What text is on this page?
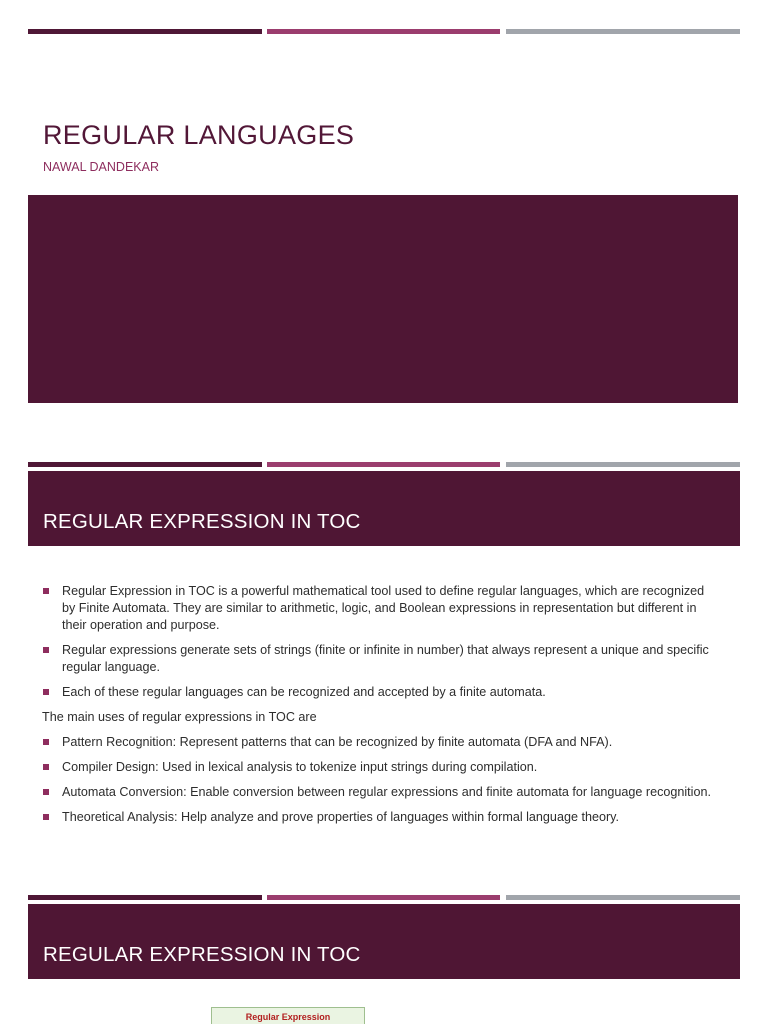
REGULAR LANGUAGES
NAWAL DANDEKAR
REGULAR EXPRESSION IN TOC
Regular Expression in TOC is a powerful mathematical tool used to define regular languages, which are recognized by Finite Automata. They are similar to arithmetic, logic, and Boolean expressions in representation but different in their operation and purpose.
Regular expressions generate sets of strings (finite or infinite in number) that always represent a unique and specific regular language.
Each of these regular languages can be recognized and accepted by a finite automata.

The main uses of regular expressions in TOC are

Pattern Recognition: Represent patterns that can be recognized by finite automata (DFA and NFA).
Compiler Design: Used in lexical analysis to tokenize input strings during compilation.
Automata Conversion: Enable conversion between regular expressions and finite automata for language recognition.
Theoretical Analysis: Help analyze and prove properties of languages within formal language theory.
REGULAR EXPRESSION IN TOC
Regular Expression
